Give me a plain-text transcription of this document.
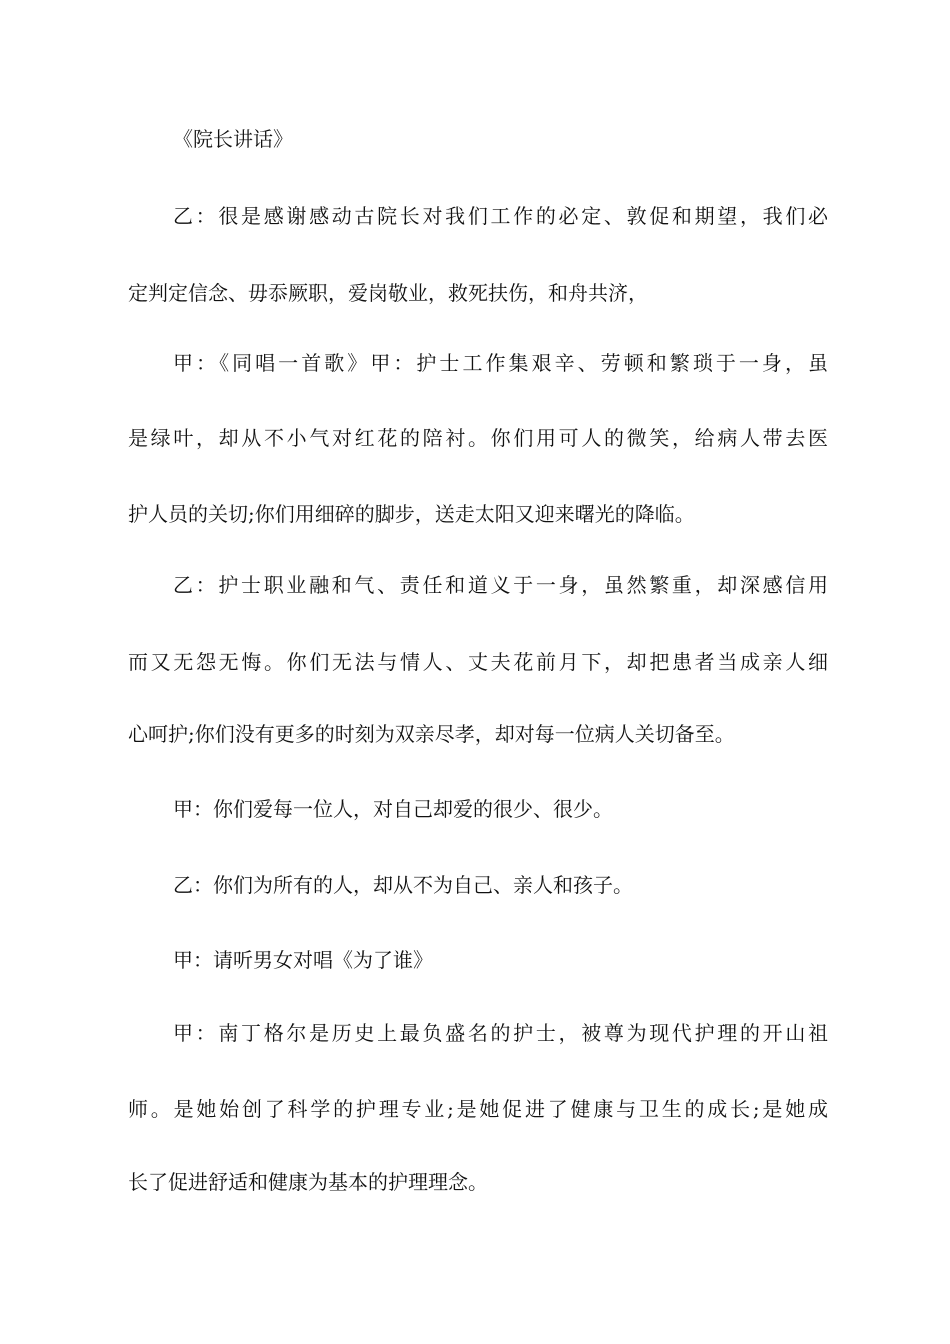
《院长讲话》
乙：很是感谢感动古院长对我们工作的必定、敦促和期望，我们必
定判定信念、毋忝厥职，爱岗敬业，救死扶伤，和舟共济，
甲：《同唱一首歌》甲：护士工作集艰辛、劳顿和繁琐于一身，虽
是绿叶，却从不小气对红花的陪衬。你们用可人的微笑，给病人带去医
护人员的关切;你们用细碎的脚步，送走太阳又迎来曙光的降临。
乙：护士职业融和气、责任和道义于一身，虽然繁重，却深感信用
而又无怨无悔。你们无法与情人、丈夫花前月下，却把患者当成亲人细
心呵护;你们没有更多的时刻为双亲尽孝，却对每一位病人关切备至。
甲：你们爱每一位人，对自己却爱的很少、很少。
乙：你们为所有的人，却从不为自己、亲人和孩子。
甲：请听男女对唱《为了谁》
甲：南丁格尔是历史上最负盛名的护士，被尊为现代护理的开山祖
师。是她始创了科学的护理专业;是她促进了健康与卫生的成长;是她成
长了促进舒适和健康为基本的护理理念。
